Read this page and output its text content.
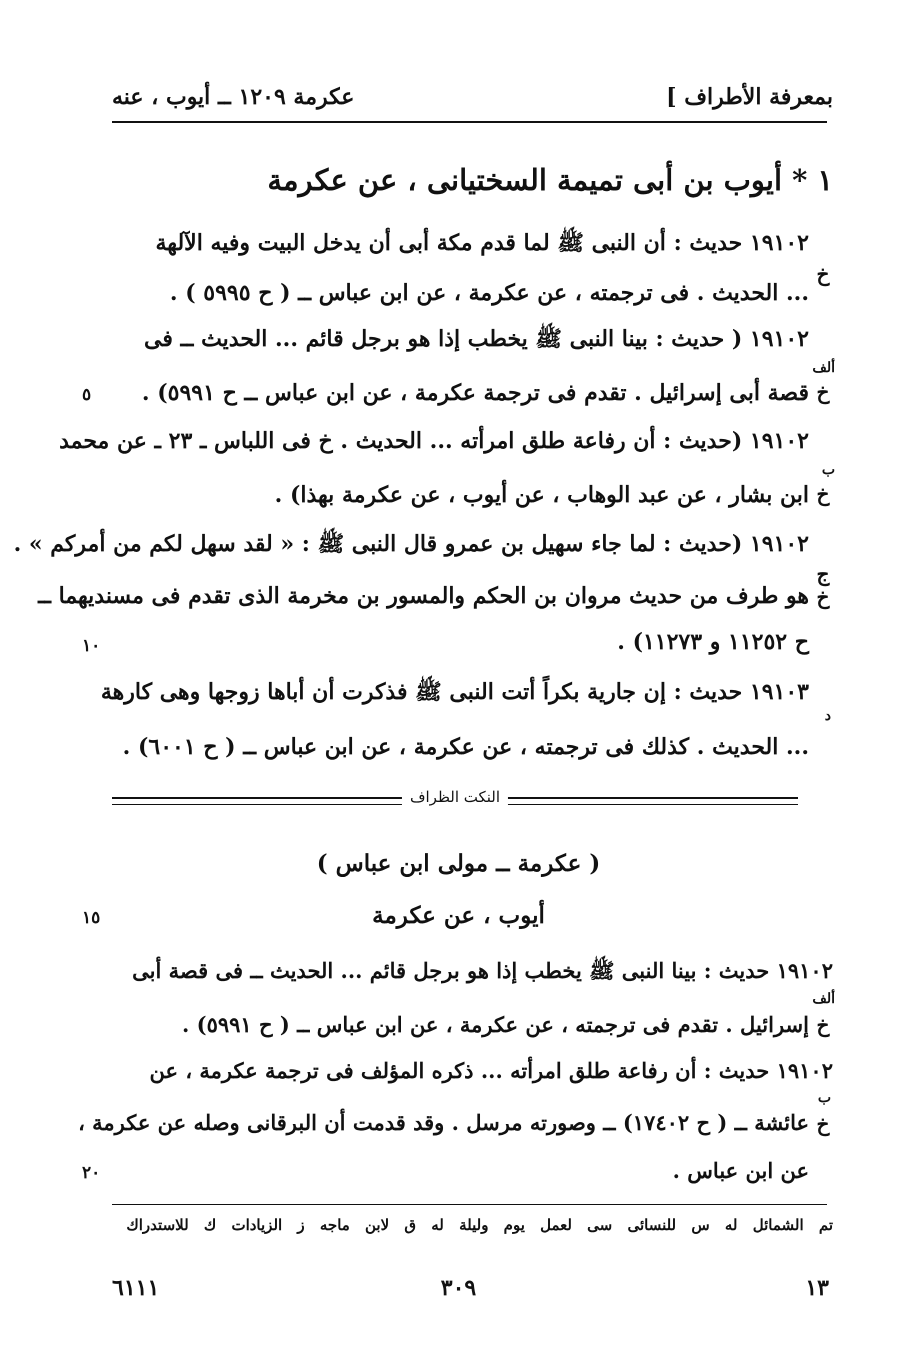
بمعرفة الأطراف ]
عكرمة ١٢٠٩ ــ أيوب ، عنه
١ * أيوب بن أبى تميمة السختيانى ، عن عكرمة
١٩١٠٢ حديث : أن النبى ﷺ لما قدم مكة أبى أن يدخل البيت وفيه الآلهة
خ
... الحديث . فى ترجمته ، عن عكرمة ، عن ابن عباس ــ ( ح ٥٩٩٥ ) .
١٩١٠٢ ( حديث : بينا النبى ﷺ يخطب إذا هو برجل قائم ... الحديث ــ فى
ألف
خ
قصة أبى إسرائيل . تقدم فى ترجمة عكرمة ، عن ابن عباس ــ ح ٥٩٩١) .
٥
١٩١٠٢ (حديث : أن رفاعة طلق امرأته ... الحديث . خ فى اللباس ـ ٢٣ ـ عن محمد
ب
خ
ابن بشار ، عن عبد الوهاب ، عن أيوب ، عن عكرمة بهذا) .
١٩١٠٢ (حديث : لما جاء سهيل بن عمرو قال النبى ﷺ : « لقد سهل لكم من أمركم » .
ج
خ
هو طرف من حديث مروان بن الحكم والمسور بن مخرمة الذى تقدم فى مسنديهما ــ
ح ١١٢٥٢ و ١١٢٧٣) .
١٠
١٩١٠٣ حديث : إن جارية بكراً أتت النبى ﷺ فذكرت أن أباها زوجها وهى كارهة
د
... الحديث . كذلك فى ترجمته ، عن عكرمة ، عن ابن عباس ــ ( ح ٦٠٠١) .
النكت الظراف
( عكرمة ــ مولى ابن عباس )
أيوب ، عن عكرمة
١٥
١٩١٠٢ حديث : بينا النبى ﷺ يخطب إذا هو برجل قائم ... الحديث ــ فى قصة أبى
ألف
خ
إسرائيل . تقدم فى ترجمته ، عن عكرمة ، عن ابن عباس ــ ( ح ٥٩٩١) .
١٩١٠٢ حديث : أن رفاعة طلق امرأته ... ذكره المؤلف فى ترجمة عكرمة ، عن
ب
خ
عائشة ــ ( ح ١٧٤٠٢) ــ وصورته مرسل . وقد قدمت أن البرقانى وصله عن عكرمة ،
عن ابن عباس .
٢٠
تم الشمائل له س للنسائى سى لعمل يوم وليلة له ق لابن ماجه ز الزيادات ك للاستدراك
١٣
٣٠٩
٦١١١
